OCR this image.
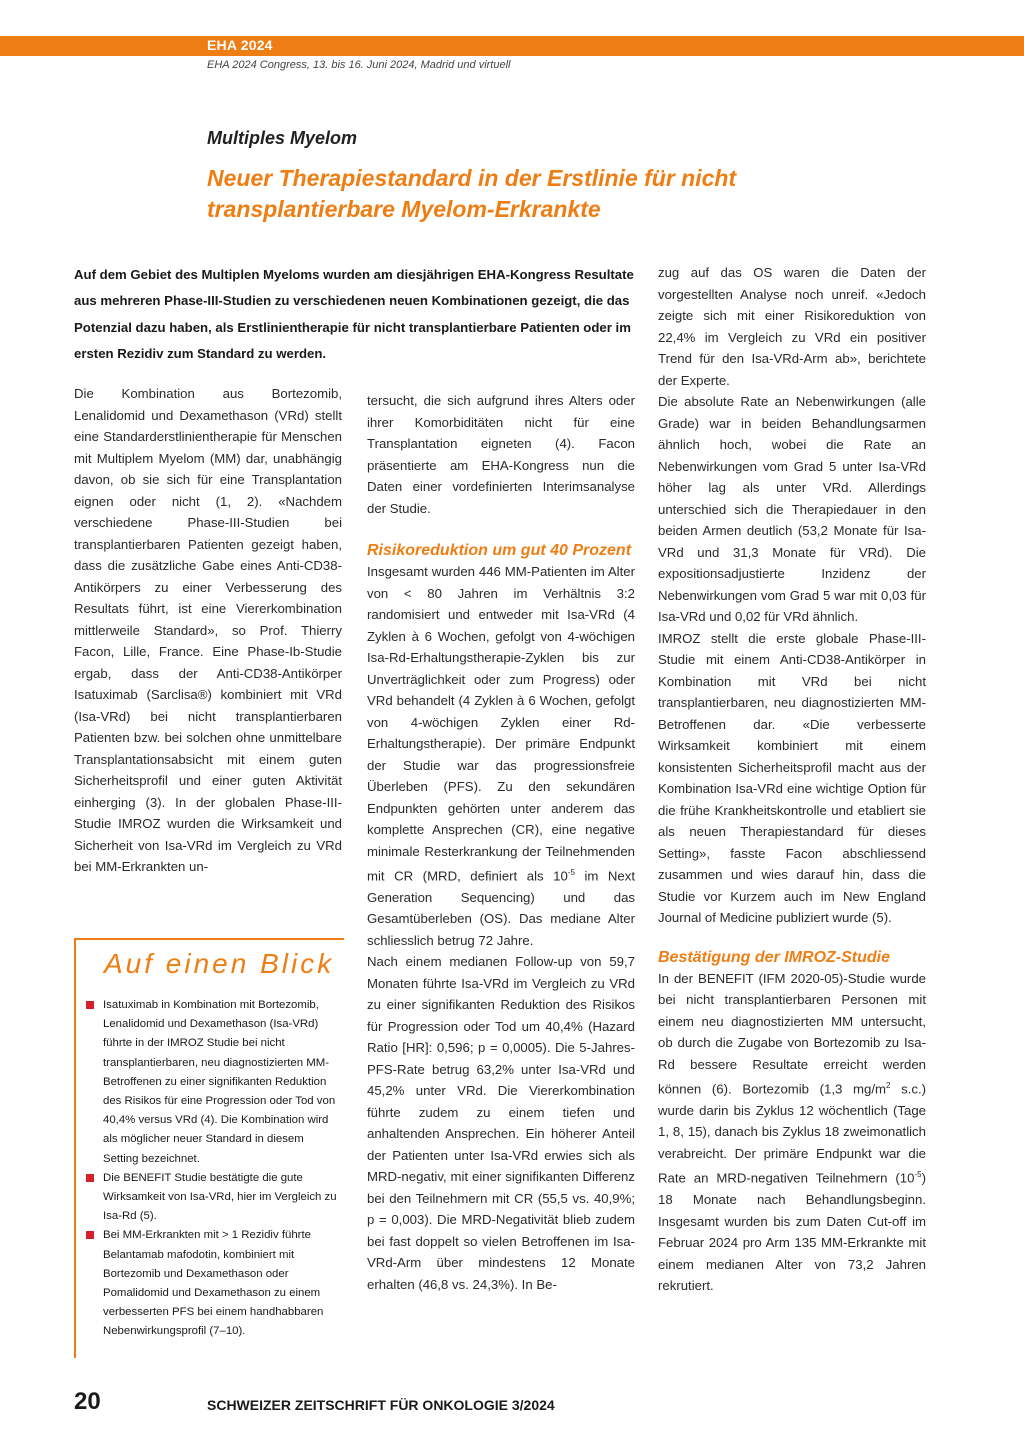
EHA 2024
EHA 2024 Congress, 13. bis 16. Juni 2024, Madrid und virtuell
Multiples Myelom
Neuer Therapiestandard in der Erstlinie für nicht transplantierbare Myelom-Erkrankte
Auf dem Gebiet des Multiplen Myeloms wurden am diesjährigen EHA-Kongress Resultate aus mehreren Phase-III-Studien zu verschiedenen neuen Kombinationen gezeigt, die das Potenzial dazu haben, als Erstlinientherapie für nicht transplantierbare Patienten oder im ersten Rezidiv zum Standard zu werden.

Die Kombination aus Bortezomib, Lenalidomid und Dexamethason (VRd) stellt eine Standarderstlinientherapie für Menschen mit Multiplem Myelom (MM) dar, unabhängig davon, ob sie sich für eine Transplantation eignen oder nicht (1, 2). «Nachdem verschiedene Phase-III-Studien bei transplantierbaren Patienten gezeigt haben, dass die zusätzliche Gabe eines Anti-CD38-Antikörpers zu einer Verbesserung des Resultats führt, ist eine Viererkombination mittlerweile Standard», so Prof. Thierry Facon, Lille, France. Eine Phase-Ib-Studie ergab, dass der Anti-CD38-Antikörper Isatuximab (Sarclisa®) kombiniert mit VRd (Isa-VRd) bei nicht transplantierbaren Patienten bzw. bei solchen ohne unmittelbare Transplantationsabsicht mit einem guten Sicherheitsprofil und einer guten Aktivität einherging (3). In der globalen Phase-III-Studie IMROZ wurden die Wirksamkeit und Sicherheit von Isa-VRd im Vergleich zu VRd bei MM-Erkrankten un-

Auf einen Blick
Isatuximab in Kombination mit Bortezomib, Lenalidomid und Dexamethason (Isa-VRd) führte in der IMROZ Studie bei nicht transplantierbaren, neu diagnostizierten MM-Betroffenen zu einer signifikanten Reduktion des Risikos für eine Progression oder Tod von 40,4% versus VRd (4). Die Kombination wird als möglicher neuer Standard in diesem Setting bezeichnet.
Die BENEFIT Studie bestätigte die gute Wirksamkeit von Isa-VRd, hier im Vergleich zu Isa-Rd (5).
Bei MM-Erkrankten mit > 1 Rezidiv führte Belantamab mafodotin, kombiniert mit Bortezomib und Dexamethason oder Pomalidomid und Dexamethason zu einem verbesserten PFS bei einem handhabbaren Nebenwirkungsprofil (7–10).

tersucht, die sich aufgrund ihres Alters oder ihrer Komorbiditäten nicht für eine Transplantation eigneten (4). Facon präsentierte am EHA-Kongress nun die Daten einer vordefinierten Interimsanalyse der Studie.

Risikoreduktion um gut 40 Prozent

Insgesamt wurden 446 MM-Patienten im Alter von < 80 Jahren im Verhältnis 3:2 randomisiert und entweder mit Isa-VRd (4 Zyklen à 6 Wochen, gefolgt von 4-wöchigen Isa-Rd-Erhaltungstherapie-Zyklen bis zur Unverträglichkeit oder zum Progress) oder VRd behandelt (4 Zyklen à 6 Wochen, gefolgt von 4-wöchigen Zyklen einer Rd-Erhaltungstherapie). Der primäre Endpunkt der Studie war das progressionsfreie Überleben (PFS). Zu den sekundären Endpunkten gehörten unter anderem das komplette Ansprechen (CR), eine negative minimale Resterkrankung der Teilnehmenden mit CR (MRD, definiert als $10^{-5}$ im Next Generation Sequencing) und das Gesamtüberleben (OS). Das mediane Alter schliesslich betrug 72 Jahre.

Nach einem medianen Follow-up von 59,7 Monaten führte Isa-VRd im Vergleich zu VRd zu einer signifikanten Reduktion des Risikos für Progression oder Tod um 40,4% (Hazard Ratio [HR]: 0,596; p = 0,0005). Die 5-Jahres-PFS-Rate betrug 63,2% unter Isa-VRd und 45,2% unter VRd. Die Viererkombination führte zudem zu einem tiefen und anhaltenden Ansprechen. Ein höherer Anteil der Patienten unter Isa-VRd erwies sich als MRD-negativ, mit einer signifikanten Differenz bei den Teilnehmern mit CR (55,5 vs. 40,9%; p = 0,003). Die MRD-Negativität blieb zudem bei fast doppelt so vielen Betroffenen im Isa-VRd-Arm über mindestens 12 Monate erhalten (46,8 vs. 24,3%). In Be-

zug auf das OS waren die Daten der vorgestellten Analyse noch unreif. «Jedoch zeigte sich mit einer Risikoreduktion von 22,4% im Vergleich zu VRd ein positiver Trend für den Isa-VRd-Arm ab», berichtete der Experte.

Die absolute Rate an Nebenwirkungen (alle Grade) war in beiden Behandlungsarmen ähnlich hoch, wobei die Rate an Nebenwirkungen vom Grad 5 unter Isa-VRd höher lag als unter VRd. Allerdings unterschied sich die Therapiedauer in den beiden Armen deutlich (53,2 Monate für Isa-VRd und 31,3 Monate für VRd). Die expositionsadjustierte Inzidenz der Nebenwirkungen vom Grad 5 war mit 0,03 für Isa-VRd und 0,02 für VRd ähnlich.

IMROZ stellt die erste globale Phase-III-Studie mit einem Anti-CD38-Antikörper in Kombination mit VRd bei nicht transplantierbaren, neu diagnostizierten MM-Betroffenen dar. «Die verbesserte Wirksamkeit kombiniert mit einem konsistenten Sicherheitsprofil macht aus der Kombination Isa-VRd eine wichtige Option für die frühe Krankheitskontrolle und etabliert sie als neuen Therapiestandard für dieses Setting», fasste Facon abschliessend zusammen und wies darauf hin, dass die Studie vor Kurzem auch im New England Journal of Medicine publiziert wurde (5).

Bestätigung der IMROZ-Studie

In der BENEFIT (IFM 2020-05)-Studie wurde bei nicht transplantierbaren Personen mit einem neu diagnostizierten MM untersucht, ob durch die Zugabe von Bortezomib zu Isa-Rd bessere Resultate erreicht werden können (6). Bortezomib (1,3 $mg/m^2$ s.c.) wurde darin bis Zyklus 12 wöchentlich (Tage 1, 8, 15), danach bis Zyklus 18 zweimonatlich verabreicht. Der primäre Endpunkt war die Rate an MRD-negativen Teilnehmern $(10^{-5})$ 18 Monate nach Behandlungsbeginn. Insgesamt wurden bis zum Daten Cut-off im Februar 2024 pro Arm 135 MM-Erkrankte mit einem medianen Alter von 73,2 Jahren rekrutiert.

20	SCHWEIZER ZEITSCHRIFT FÜR ONKOLOGIE 3/2024
